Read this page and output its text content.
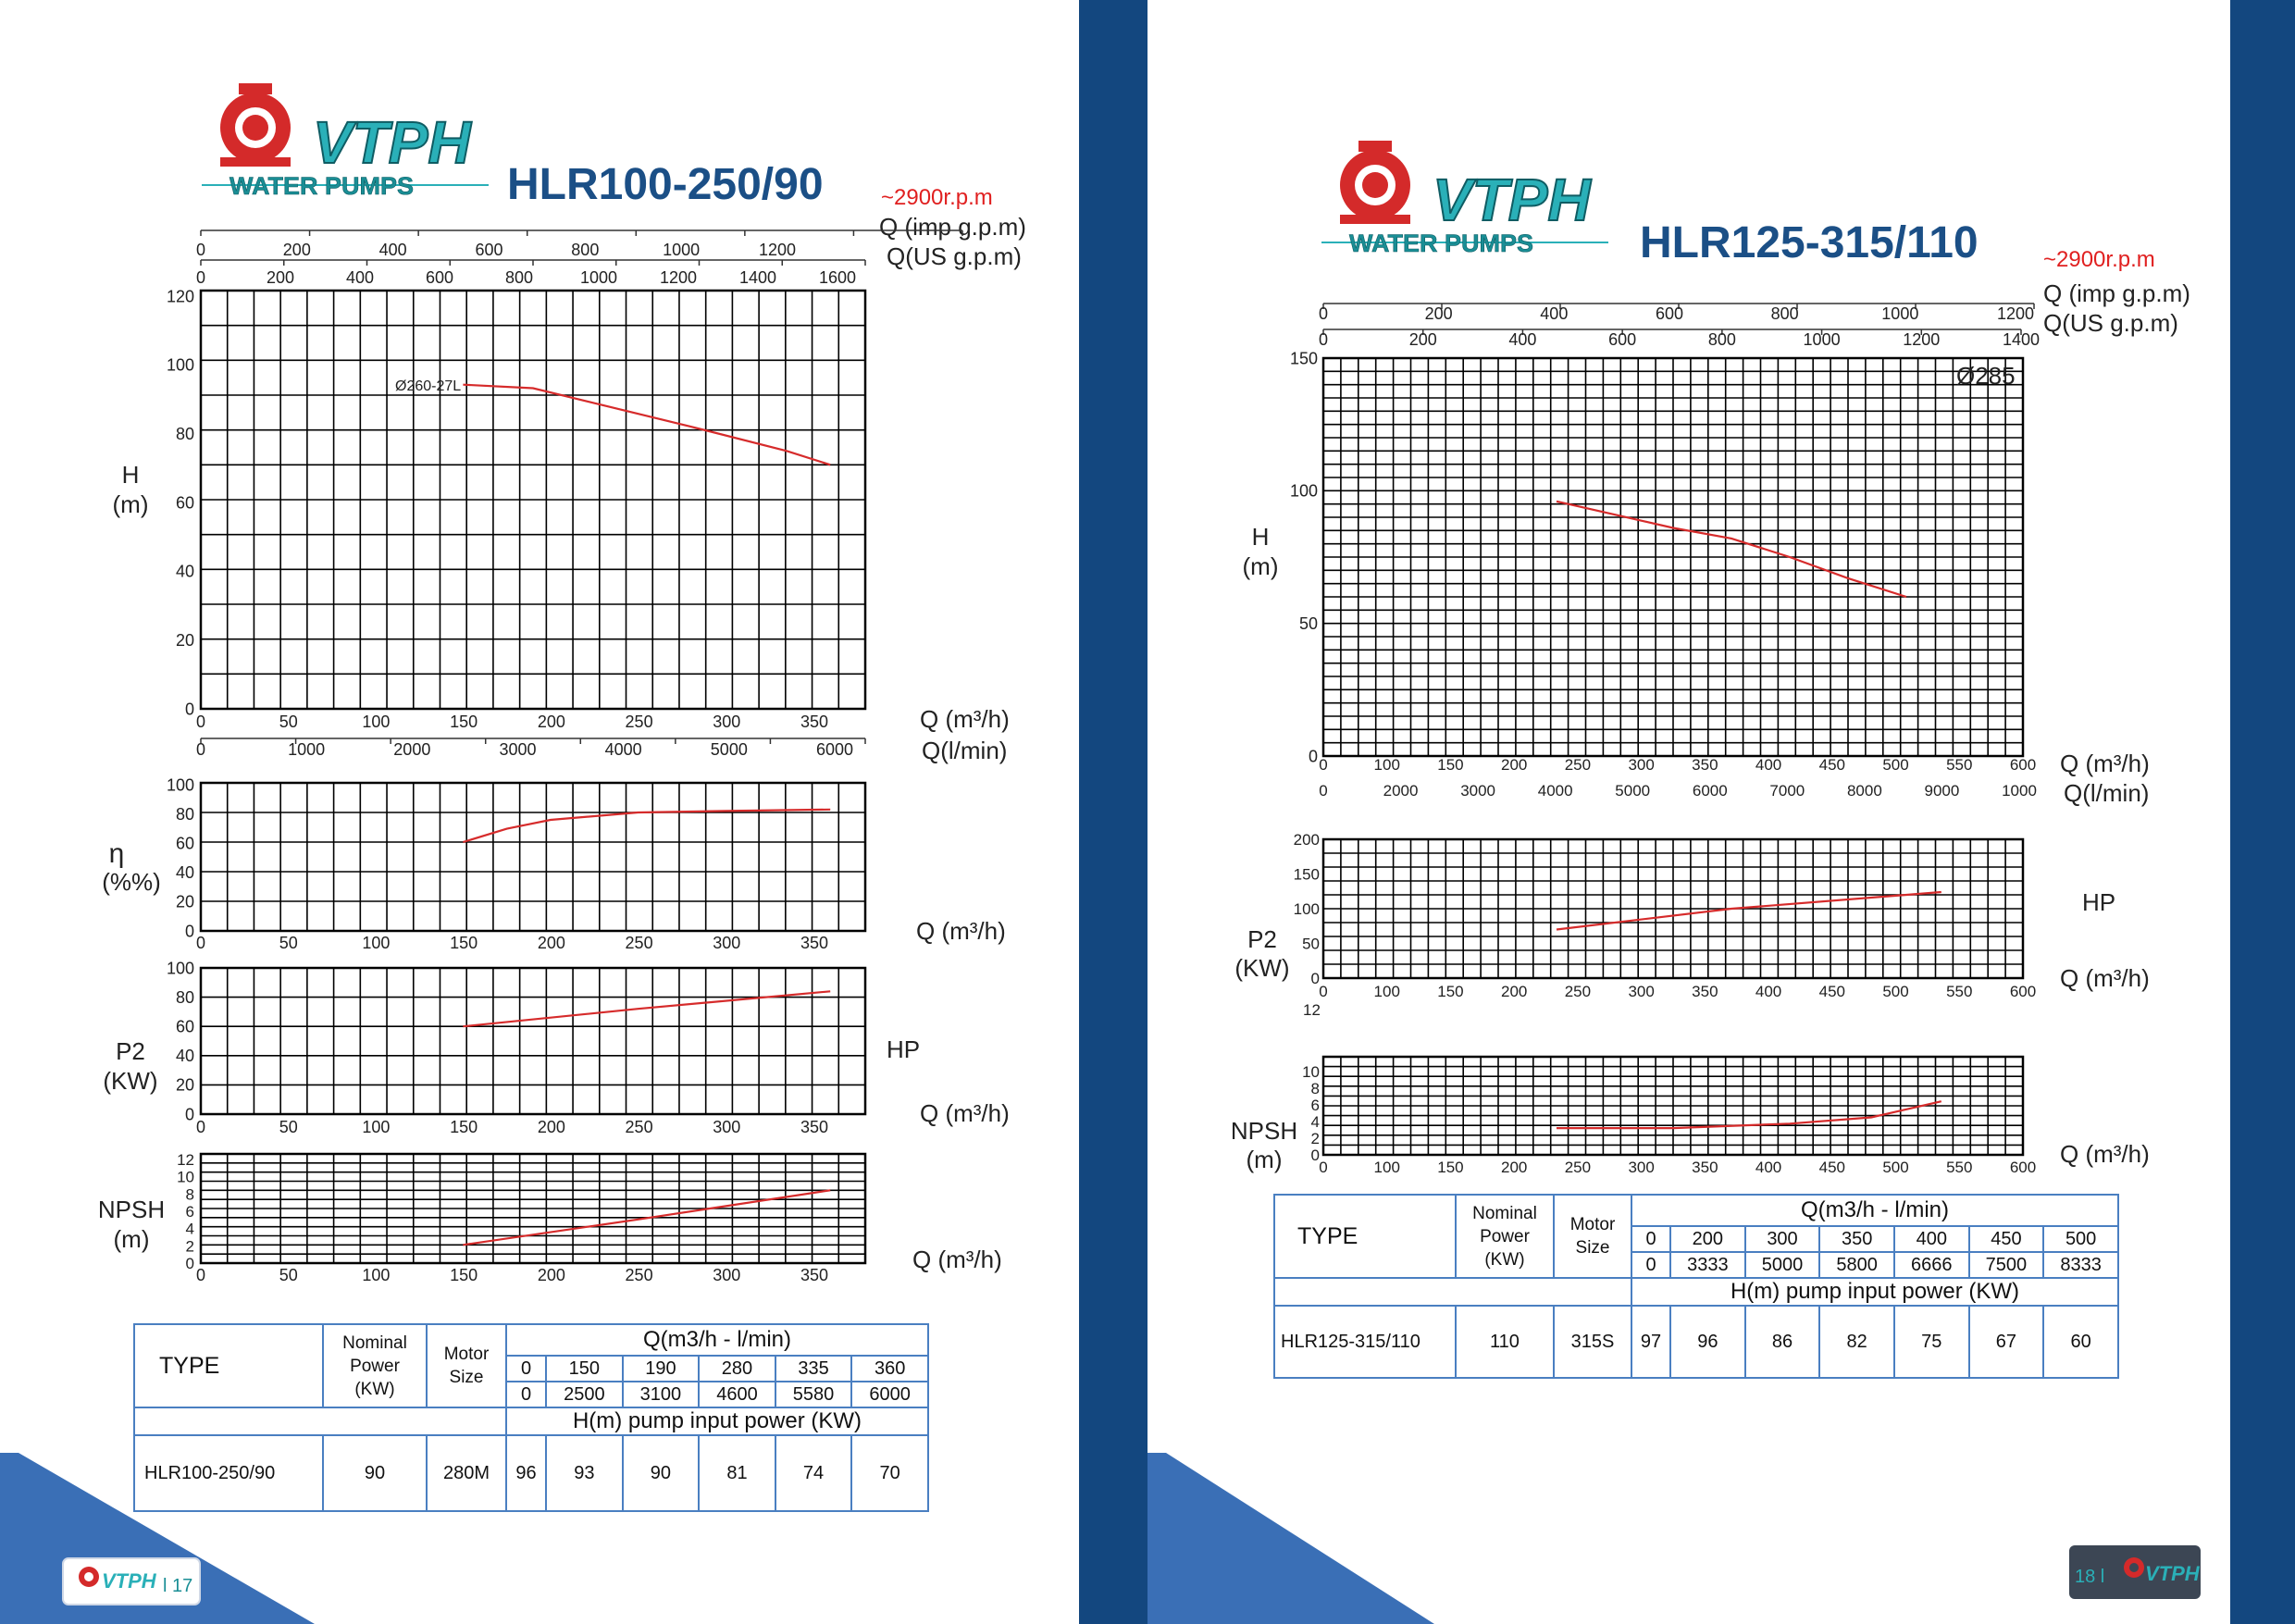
VTPH
WATER PUMPS HLR100-250/90	VTPH
WATER PUMPS HLR125-315/110
~2900r.p.m
Q (imp g.p.m)
Q(US g.p.m)
0	200	400	600	800	1000	1200
0	200	400	600	800	1000	1200	1400	1600
0
20
40
60
80
100
120
H
(m)
Ø260-27L
0	50	100	150	200	250	300	350	Q (m³/h)
0	1000	2000	3000	4000	5000	6000	Q(l/min)
0
20
40
60
80
100
η
(%%)
0	50	100	150	200	250	300	350	Q (m³/h)
0
20
40
60
80
100
P2
(KW)
HP
0	50	100	150	200	250	300	350	Q (m³/h)
0
2
4
6
8
10
12
NPSH
(m)
0	50	100	150	200	250	300	350
Q (m³/h)
~2900r.p.m
Q (imp g.p.m)
Q(US g.p.m)
0	200	400	600	800	1000	1200
0	200	400	600	800	1000	1200	1400
0
50
100
150
H
(m)
Ø285
0	100 150 200 250 300 350 400 450 500 550 600 Q (m³/h)
0	2000	3000	4000	5000	6000	7000	8000	9000	1000 Q(l/min)
0
50
100
150
200
P2
(KW)
HP
0	100 150 200 250 300 350 400 450 500 550 600 Q (m³/h)
12
0
2
4
6
8
10
NPSH
(m) 0	100 150 200 250 300 350 400 450 500 550 600 Q (m³/h)
VTPH l 17	18 l VTPH
TYPE	Nominal
Power
(KW)	Motor
Size	Q(m3/h - l/min)					
			0	150	190	280	335	360
			0	2500	3100	4600	5580	6000
			H(m) pump input power (KW)					
HLR100-250/90	90	280M	96	93	90	81	74	70
TYPE	Nominal
Power
(KW)	Motor
Size	Q(m3/h - l/min)						
			0	200	300	350	400	450	500
			0	3333	5000	5800	6666	7500	8333
			H(m) pump input power (KW)						
HLR125-315/110	110	315S	97	96	86	82	75	67	60
